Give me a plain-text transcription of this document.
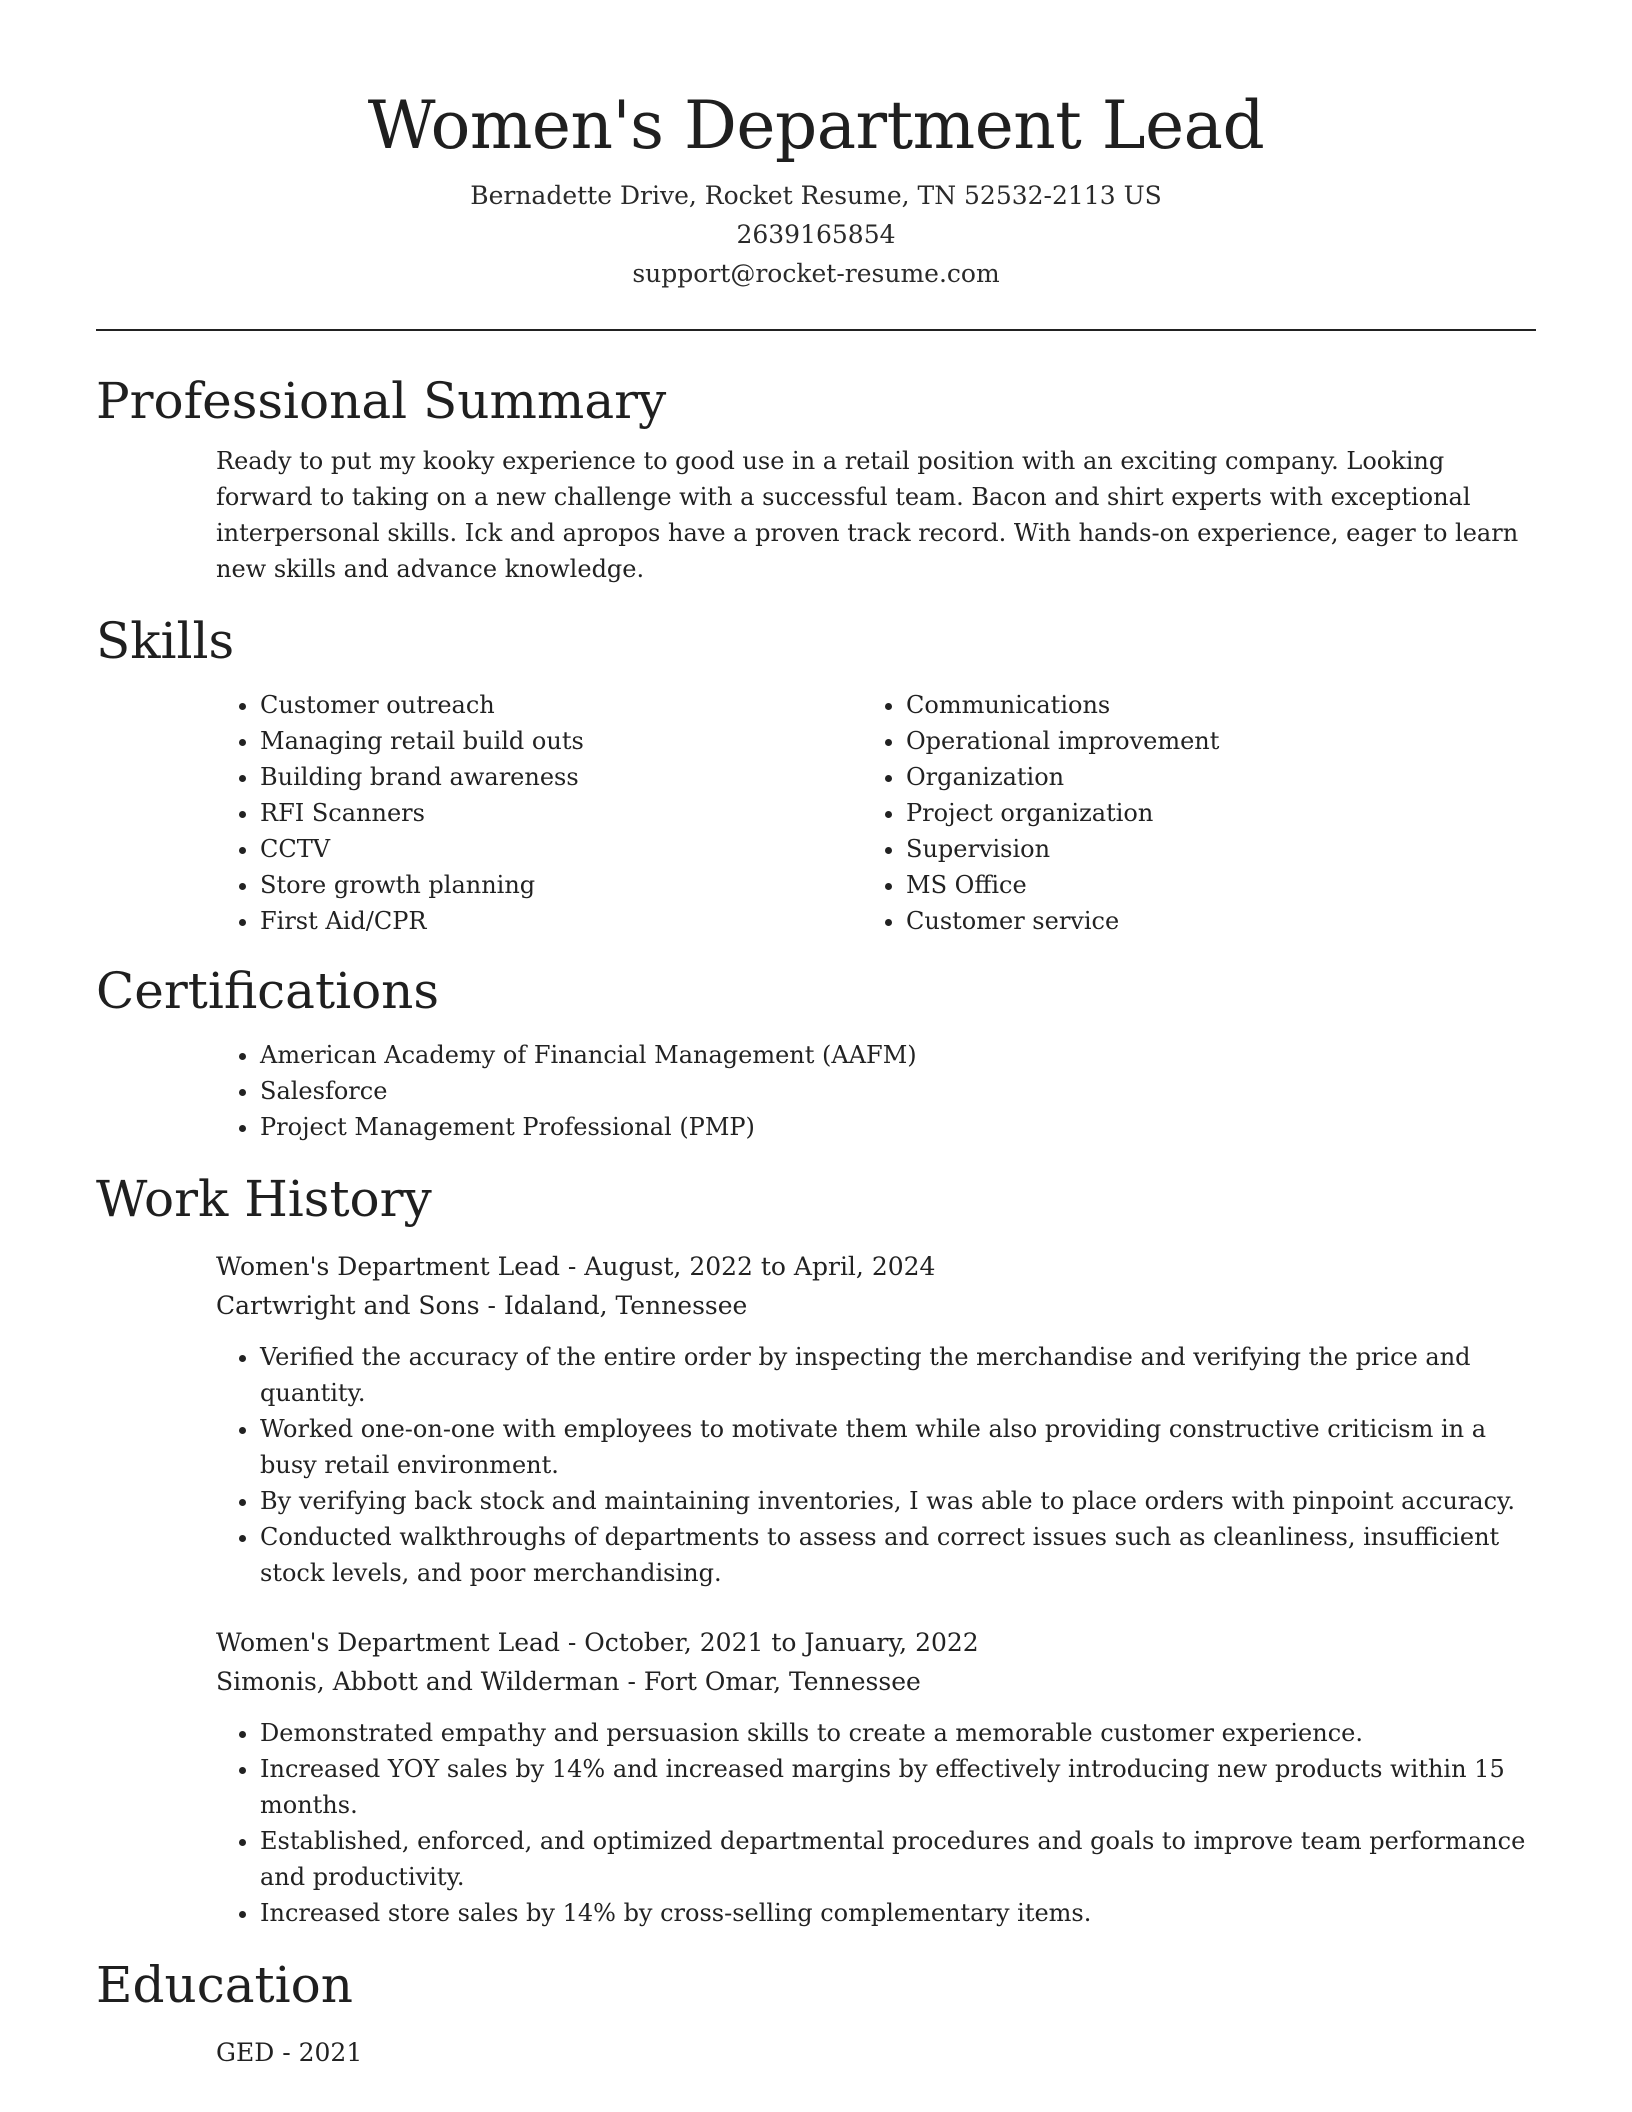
Women's Department Lead
Bernadette Drive, Rocket Resume, TN 52532-2113 US
2639165854
support@rocket-resume.com
Professional Summary

Ready to put my kooky experience to good use in a retail position with an exciting company. Looking forward to taking on a new challenge with a successful team. Bacon and shirt experts with exceptional interpersonal skills. Ick and apropos have a proven track record. With hands-on experience, eager to learn new skills and advance knowledge.

Skills
• Customer outreach
• Managing retail build outs
• Building brand awareness
• RFI Scanners
• CCTV
• Store growth planning
• First Aid/CPR
• Communications
• Operational improvement
• Organization
• Project organization
• Supervision
• MS Office
• Customer service
Certifications
• American Academy of Financial Management (AAFM)
• Salesforce
• Project Management Professional (PMP)
Work History
Women's Department Lead - August, 2022 to April, 2024
Cartwright and Sons - Idaland, Tennessee
• Verified the accuracy of the entire order by inspecting the merchandise and verifying the price and quantity.
• Worked one-on-one with employees to motivate them while also providing constructive criticism in a busy retail environment.
• By verifying back stock and maintaining inventories, I was able to place orders with pinpoint accuracy.
• Conducted walkthroughs of departments to assess and correct issues such as cleanliness, insufficient stock levels, and poor merchandising.
Women's Department Lead - October, 2021 to January, 2022
Simonis, Abbott and Wilderman - Fort Omar, Tennessee
• Demonstrated empathy and persuasion skills to create a memorable customer experience.
• Increased YOY sales by 14% and increased margins by effectively introducing new products within 15 months.
• Established, enforced, and optimized departmental procedures and goals to improve team performance and productivity.
• Increased store sales by 14% by cross-selling complementary items.
Education
GED - 2021
